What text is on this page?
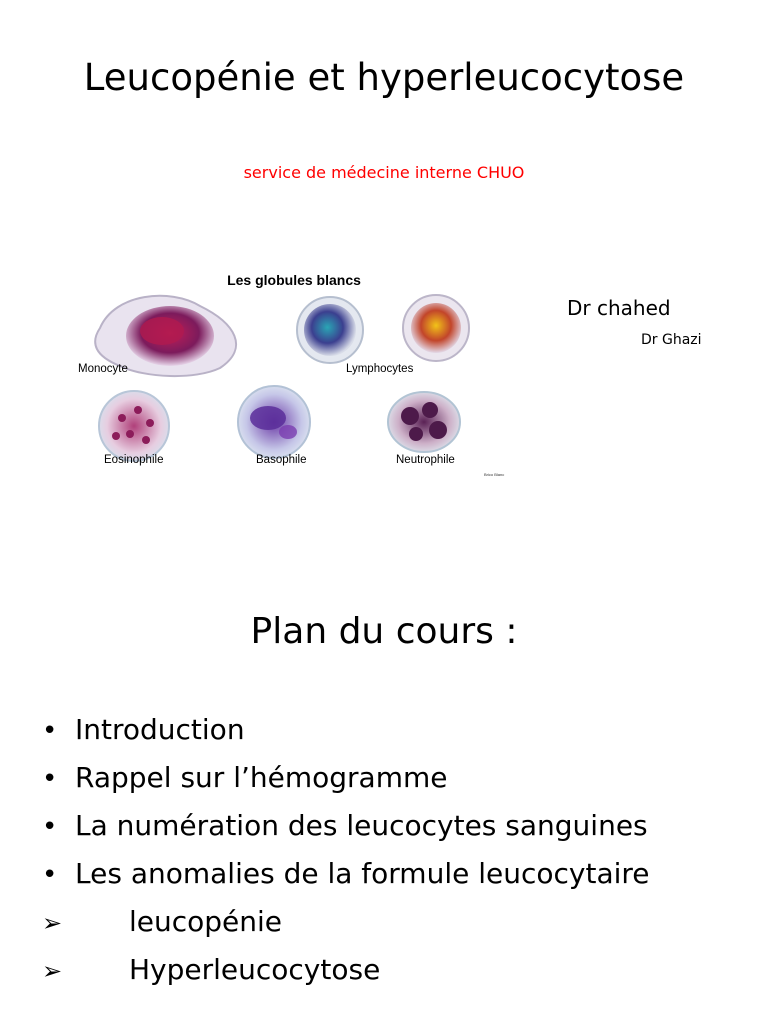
Leucopénie et hyperleucocytose
service de médecine interne CHUO
Les globules blancs
Monocyte	Lymphocytes
Eosinophile	Basophile	Neutrophile
Brico Blanc
Dr chahed
Dr Ghazi
Plan du cours :
• Introduction
• Rappel sur l’hémogramme
• La numération des leucocytes sanguines
• Les anomalies de la formule leucocytaire
➢ leucopénie
➢ Hyperleucocytose
